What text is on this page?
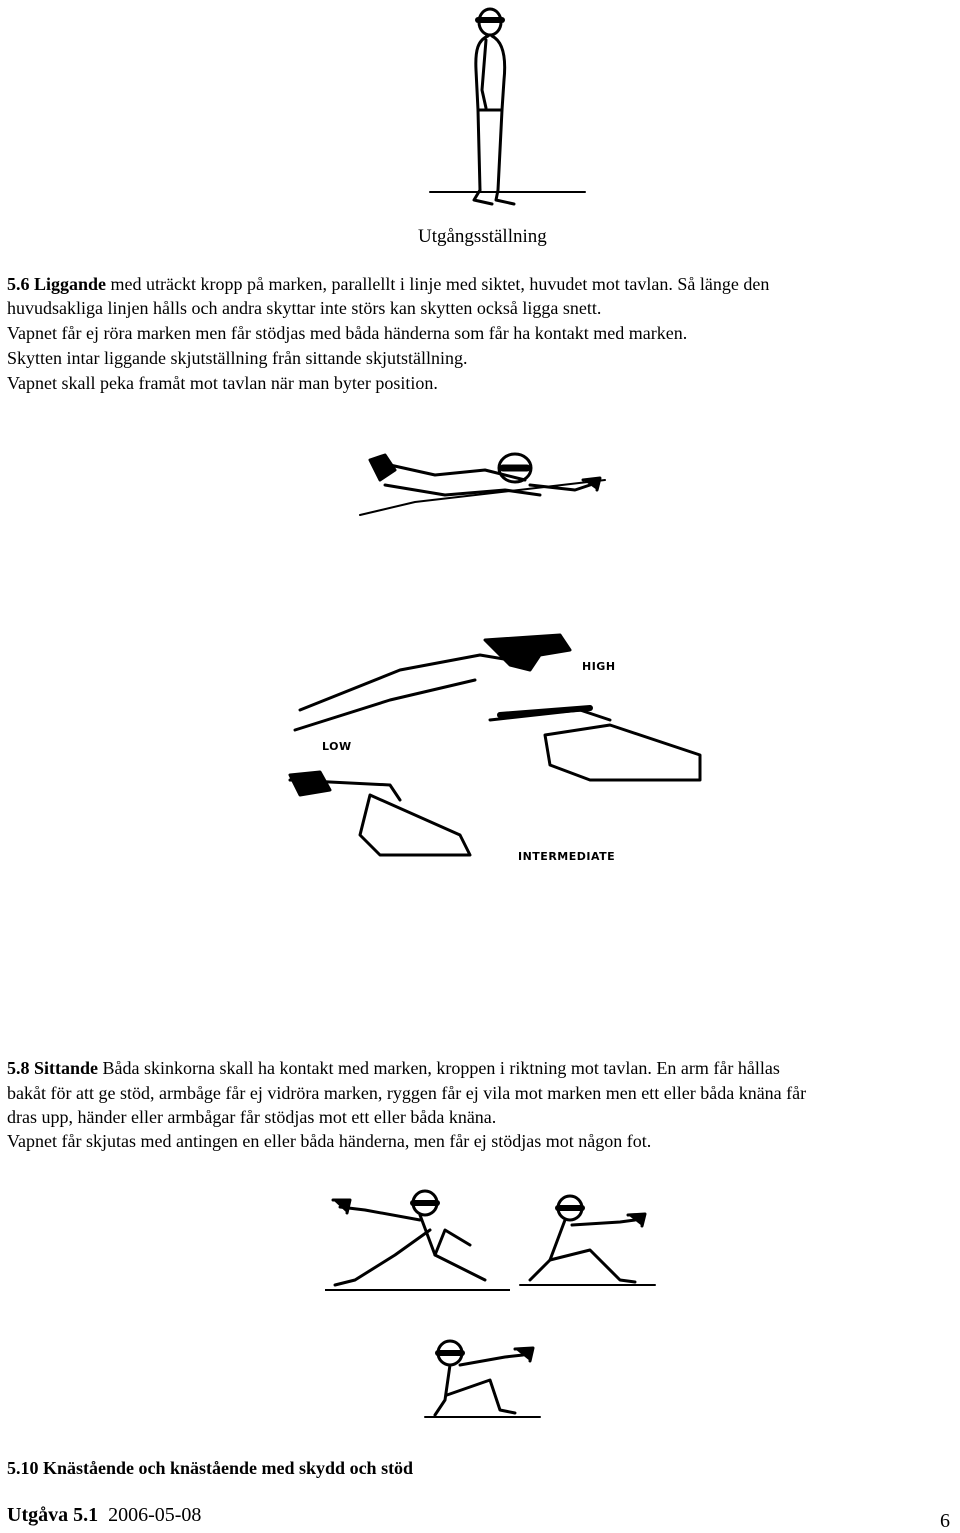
Utgångsställning
5.6 Liggande med uträckt kropp på marken, parallellt i linje med siktet, huvudet mot tavlan. Så länge den
huvudsakliga linjen hålls och andra skyttar inte störs kan skytten också ligga snett.
Vapnet får ej röra marken men får stödjas med båda händerna som får ha kontakt med marken.
Skytten intar liggande skjutställning från sittande skjutställning.
Vapnet skall peka framåt mot tavlan när man byter position.
HIGH
LOW
INTERMEDIATE
5.8 Sittande Båda skinkorna skall ha kontakt med marken, kroppen i riktning mot tavlan. En arm får hållas
bakåt för att ge stöd, armbåge får ej vidröra marken, ryggen får ej vila mot marken men ett eller båda knäna får
dras upp, händer eller armbågar får stödjas mot ett eller båda knäna.
Vapnet får skjutas med antingen en eller båda händerna, men får ej stödjas mot någon fot.
5.10 Knästående och knästående med skydd och stöd
Utgåva 5.1 2006-05-08	6
